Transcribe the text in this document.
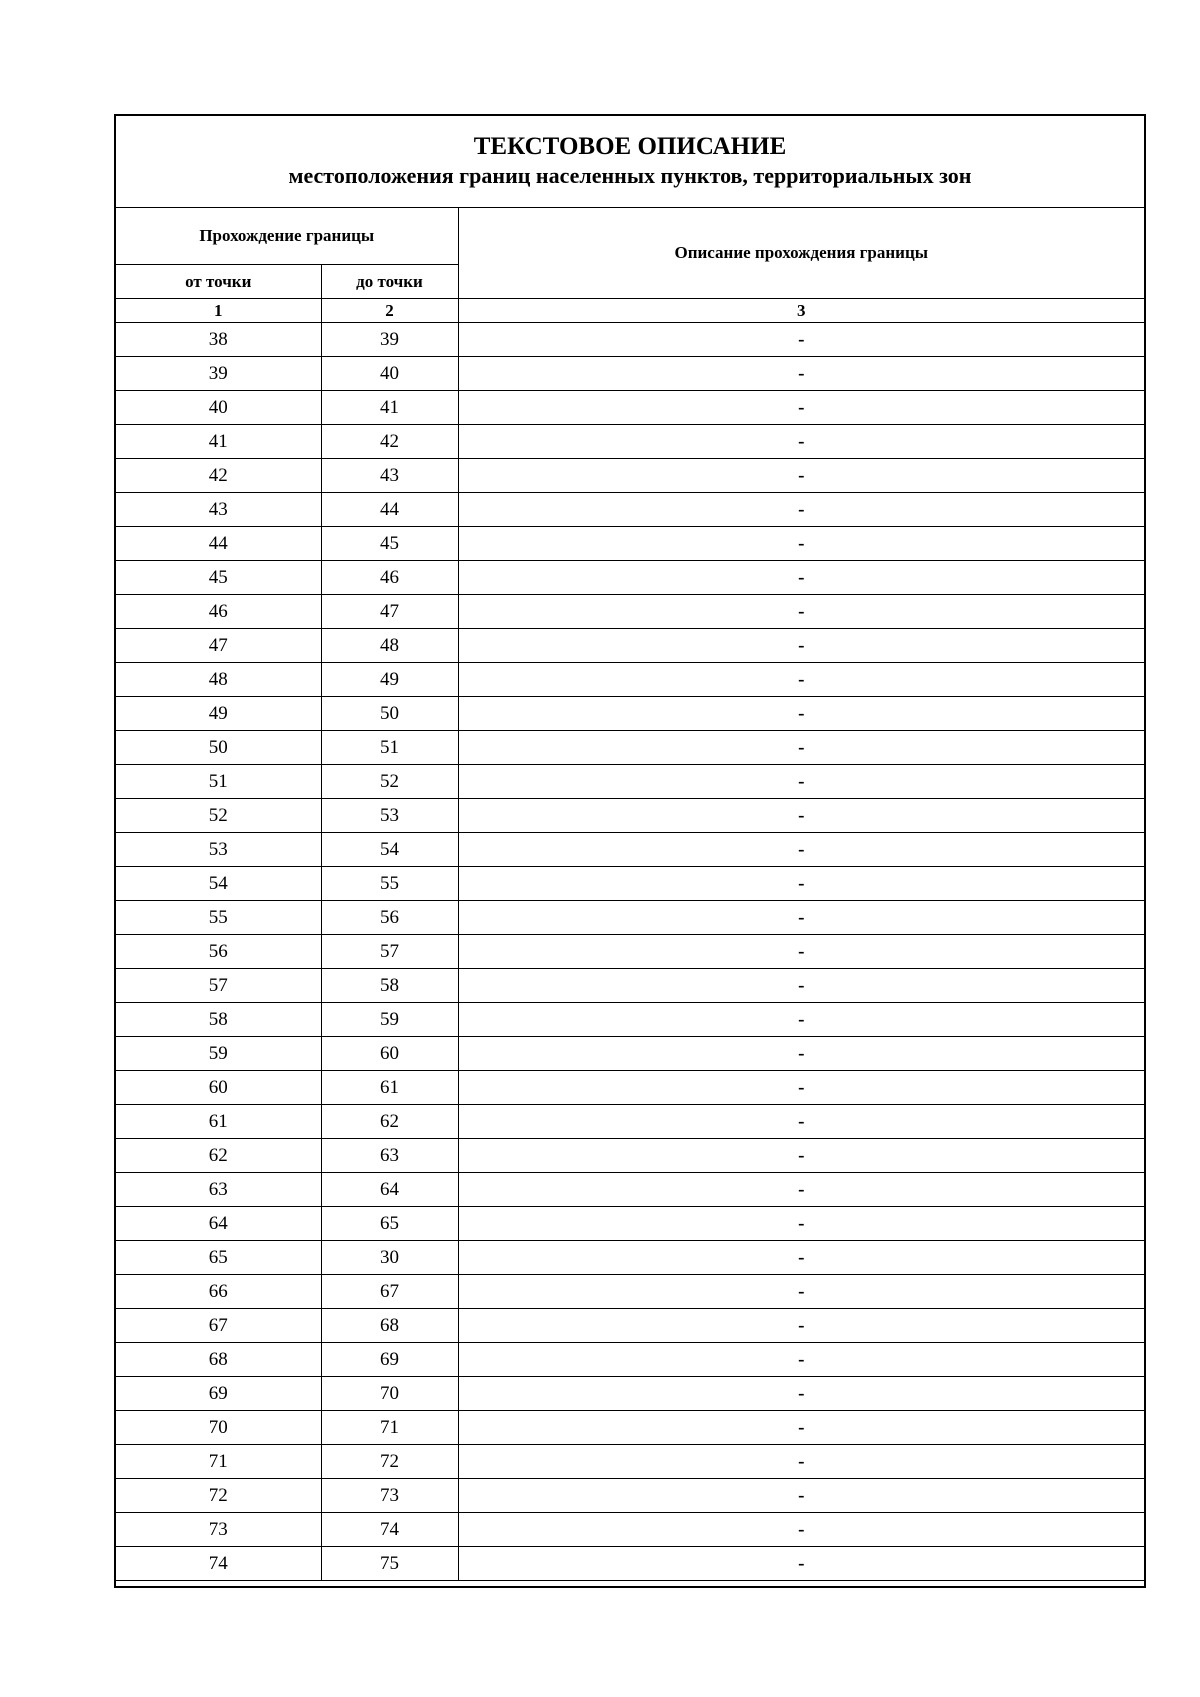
ТЕКСТОВОЕ ОПИСАНИЕ
местоположения границ населенных пунктов, территориальных зон
Прохождение границы		Описание прохождения границы
от точки	до точки	
1	2	3
38	39	-
39	40	-
40	41	-
41	42	-
42	43	-
43	44	-
44	45	-
45	46	-
46	47	-
47	48	-
48	49	-
49	50	-
50	51	-
51	52	-
52	53	-
53	54	-
54	55	-
55	56	-
56	57	-
57	58	-
58	59	-
59	60	-
60	61	-
61	62	-
62	63	-
63	64	-
64	65	-
65	30	-
66	67	-
67	68	-
68	69	-
69	70	-
70	71	-
71	72	-
72	73	-
73	74	-
74	75	-
